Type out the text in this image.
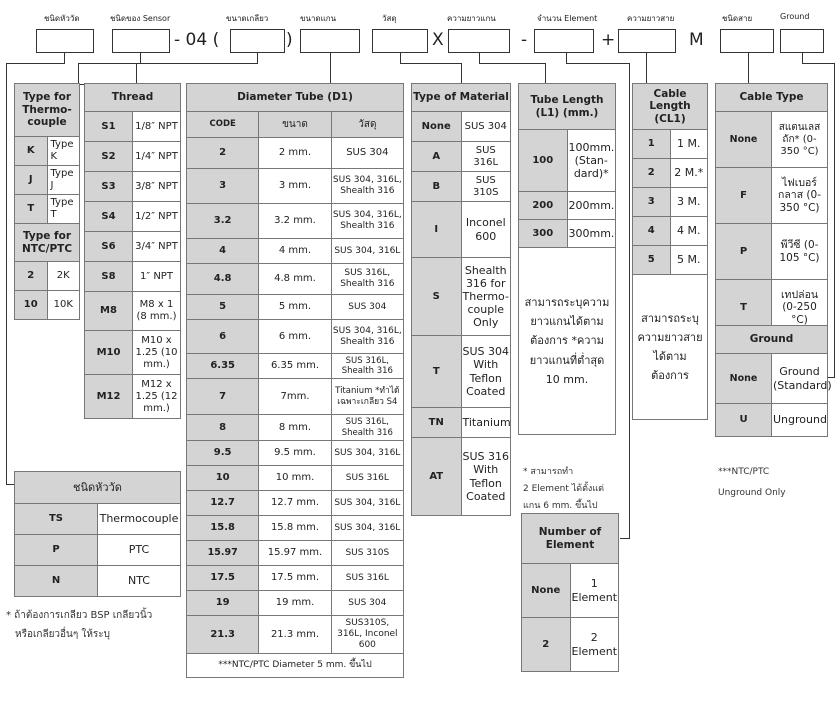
ชนิดหัววัด	ชนิดของ Sensor	ขนาดเกลียว	ขนาดแกน	วัสดุ	ความยาวแกน	จำนวน Element	ความยาวสาย	ชนิดสาย	Ground
- 04 (	)	X	-	+	M
Type for Thermo-couple	
K	Type K
J	Type J
T	Type T
Type for NTC/PTC	
2	2K
10	10K
Thread	
S1	1/8″ NPT
S2	1/4″ NPT
S3	3/8″ NPT
S4	1/2″ NPT
S6	3/4″ NPT
S8	1″ NPT
M8	M8 x 1 (8 mm.)
M10	M10 x 1.25 (10 mm.)
M12	M12 x 1.25 (12 mm.)
Diameter Tube (D1)		
CODE	ขนาด	วัสดุ
2	2 mm.	SUS 304
3	3 mm.	SUS 304, 316L, Shealth 316
3.2	3.2 mm.	SUS 304, 316L, Shealth 316
4	4 mm.	SUS 304, 316L
4.8	4.8 mm.	SUS 316L, Shealth 316
5	5 mm.	SUS 304
6	6 mm.	SUS 304, 316L, Shealth 316
6.35	6.35 mm.	SUS 316L, Shealth 316
7	7mm.	Titanium *ทำได้เฉพาะเกลียว S4
8	8 mm.	SUS 316L, Shealth 316
9.5	9.5 mm.	SUS 304, 316L
10	10 mm.	SUS 316L
12.7	12.7 mm.	SUS 304, 316L
15.8	15.8 mm.	SUS 304, 316L
15.97	15.97 mm.	SUS 310S
17.5	17.5 mm.	SUS 316L
19	19 mm.	SUS 304
21.3	21.3 mm.	SUS310S, 316L, Inconel 600
***NTC/PTC Diameter 5 mm. ขึ้นไป		
Type of Material	
None	SUS 304
A	SUS 316L
B	SUS 310S
I	Inconel 600
S	Shealth 316 for Thermo-couple Only
T	SUS 304 With Teflon Coated
TN	Titanium
AT	SUS 316 With Teflon Coated
Tube Length (L1) (mm.)	
100	100mm. (Stan-dard)*
200	200mm.
300	300mm.
สามารถระบุความยาวแกนได้ตามต้องการ *ความยาวแกนที่ต่ำสุด 10 mm.	
* สามารถทำ
2 Element ได้ตั้งแต่
แกน 6 mm. ขึ้นไป
Number of Element	
None	1 Element
2	2 Element
Cable Length (CL1)	
1	1 M.
2	2 M.*
3	3 M.
4	4 M.
5	5 M.
สามารถระบุความยาวสายได้ตามต้องการ	
Cable Type	
None	สแตนเลสถัก* (0-350 °C)
F	ไฟเบอร์กลาส (0-350 °C)
P	พีวีซี (0-105 °C)
T	เทปล่อน (0-250 °C)
Ground	
None	Ground (Standard)
U	Unground
***NTC/PTC
Unground Only
ชนิดหัววัด	
TS	Thermocouple
P	PTC
N	NTC
* ถ้าต้องการเกลียว BSP เกลียวนิ้ว
หรือเกลียวอื่นๆ ให้ระบุ
